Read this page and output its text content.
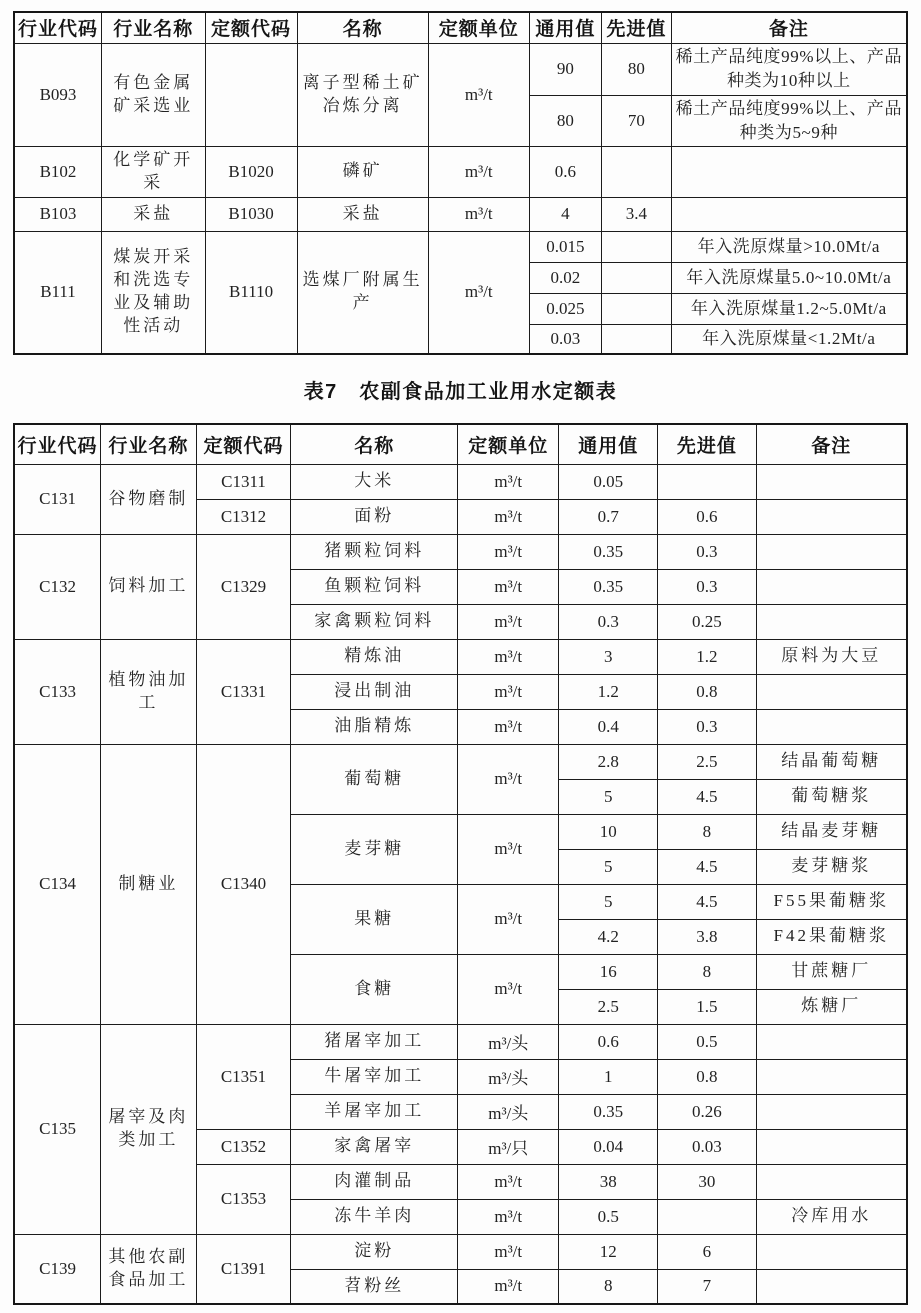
行业代码	行业名称	定额代码	名称	定额单位	通用值	先进值	备注
B093	有色金属矿采选业		离子型稀土矿冶炼分离	m³/t	90	80	稀土产品纯度99%以上、产品种类为10种以上
					80	70	稀土产品纯度99%以上、产品种类为5~9种
B102	化学矿开采	B1020	磷矿	m³/t	0.6		
B103	采盐	B1030	采盐	m³/t	4	3.4	
B111	煤炭开采和洗选专业及辅助性活动	B1110	选煤厂附属生产	m³/t	0.015		年入洗原煤量>10.0Mt/a
					0.02		年入洗原煤量5.0~10.0Mt/a
					0.025		年入洗原煤量1.2~5.0Mt/a
					0.03		年入洗原煤量<1.2Mt/a
表7　农副食品加工业用水定额表
行业代码	行业名称	定额代码	名称	定额单位	通用值	先进值	备注
C131	谷物磨制	C1311	大米	m³/t	0.05		
		C1312	面粉	m³/t	0.7	0.6	
C132	饲料加工	C1329	猪颗粒饲料	m³/t	0.35	0.3	
			鱼颗粒饲料	m³/t	0.35	0.3	
			家禽颗粒饲料	m³/t	0.3	0.25	
C133	植物油加工	C1331	精炼油	m³/t	3	1.2	原料为大豆
			浸出制油	m³/t	1.2	0.8	
			油脂精炼	m³/t	0.4	0.3	
C134	制糖业	C1340	葡萄糖	m³/t	2.8	2.5	结晶葡萄糖
					5	4.5	葡萄糖浆
			麦芽糖	m³/t	10	8	结晶麦芽糖
					5	4.5	麦芽糖浆
			果糖	m³/t	5	4.5	F55果葡糖浆
					4.2	3.8	F42果葡糖浆
			食糖	m³/t	16	8	甘蔗糖厂
					2.5	1.5	炼糖厂
C135	屠宰及肉类加工	C1351	猪屠宰加工	m³/头	0.6	0.5	
			牛屠宰加工	m³/头	1	0.8	
			羊屠宰加工	m³/头	0.35	0.26	
		C1352	家禽屠宰	m³/只	0.04	0.03	
		C1353	肉灌制品	m³/t	38	30	
			冻牛羊肉	m³/t	0.5		冷库用水
C139	其他农副食品加工	C1391	淀粉	m³/t	12	6	
			苕粉丝	m³/t	8	7	
